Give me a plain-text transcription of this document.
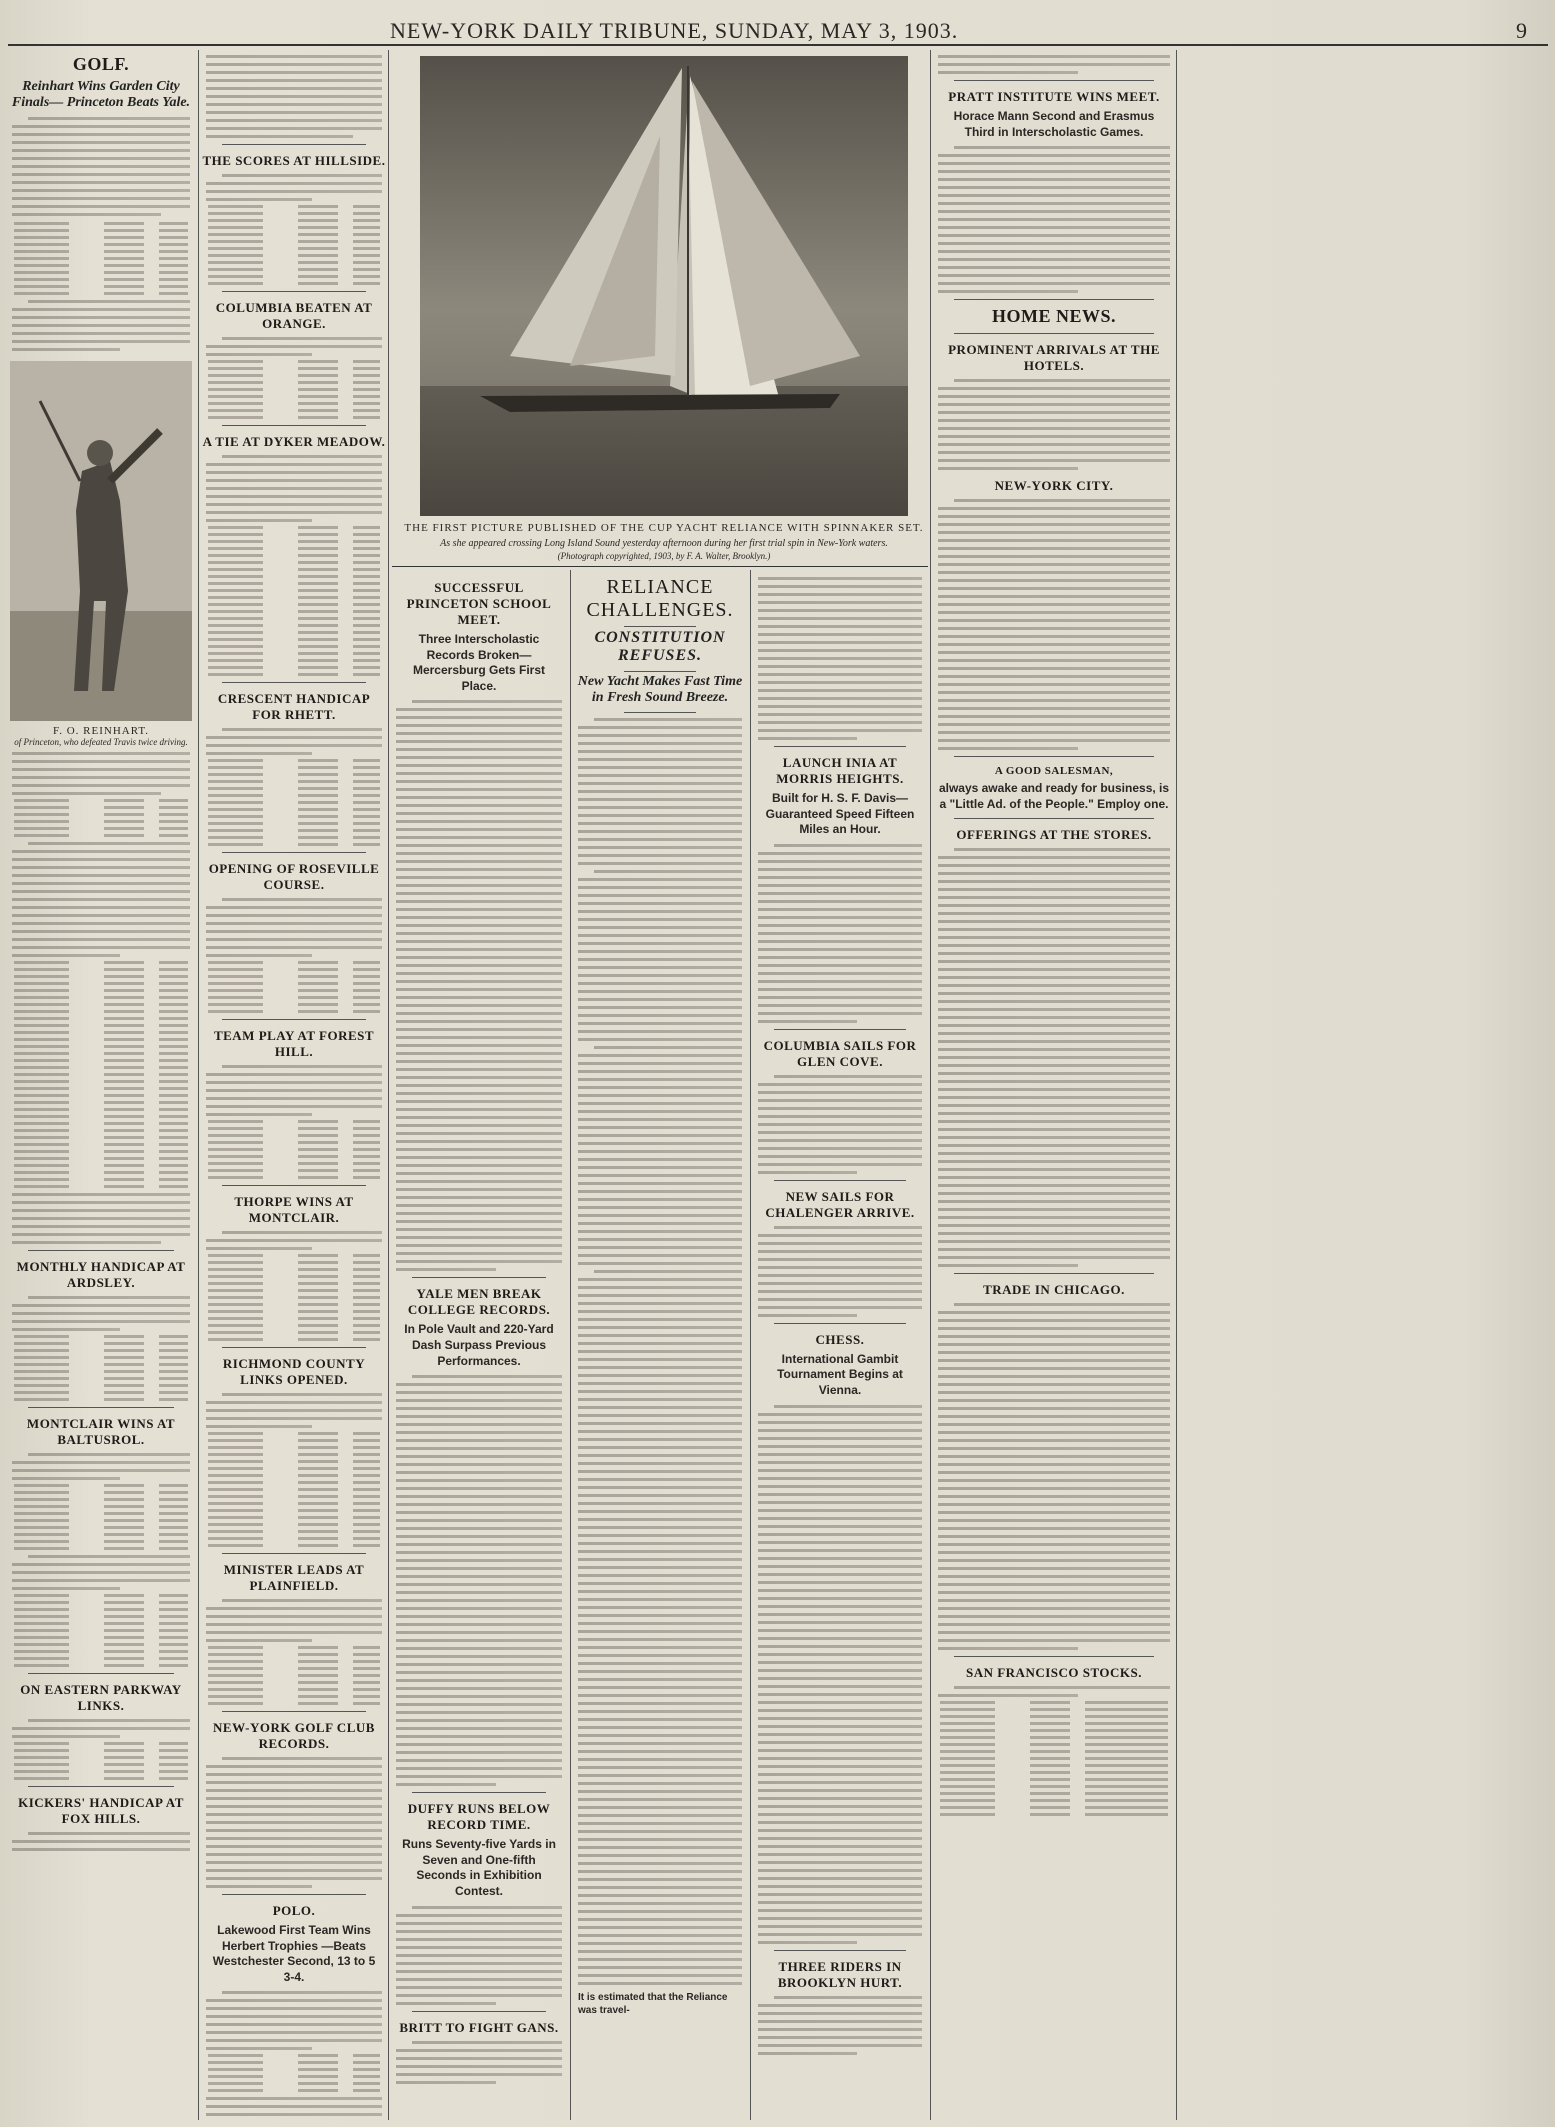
NEW-YORK DAILY TRIBUNE, SUNDAY, MAY 3, 1903.	9
GOLF.
Reinhart Wins Garden City Finals— Princeton Beats Yale.
F. O. REINHART.
of Princeton, who defeated Travis twice driving.
MONTHLY HANDICAP AT ARDSLEY.
MONTCLAIR WINS AT BALTUSROL.
ON EASTERN PARKWAY LINKS.
KICKERS' HANDICAP AT FOX HILLS.
THE SCORES AT HILLSIDE.
COLUMBIA BEATEN AT ORANGE.
A TIE AT DYKER MEADOW.
CRESCENT HANDICAP FOR RHETT.
OPENING OF ROSEVILLE COURSE.
TEAM PLAY AT FOREST HILL.
THORPE WINS AT MONTCLAIR.
RICHMOND COUNTY LINKS OPENED.
MINISTER LEADS AT PLAINFIELD.
NEW-YORK GOLF CLUB RECORDS.
POLO.
Lakewood First Team Wins Herbert Trophies —Beats Westchester Second, 13 to 5 3-4.
THE FIRST PICTURE PUBLISHED OF THE CUP YACHT RELIANCE WITH SPINNAKER SET.
As she appeared crossing Long Island Sound yesterday afternoon during her first trial spin in New-York waters.
(Photograph copyrighted, 1903, by F. A. Walter, Brooklyn.)
SUCCESSFUL PRINCETON SCHOOL MEET.
Three Interscholastic Records Broken—Mercersburg Gets First Place.
YALE MEN BREAK COLLEGE RECORDS.
In Pole Vault and 220-Yard Dash Surpass Previous Performances.
DUFFY RUNS BELOW RECORD TIME.
Runs Seventy-five Yards in Seven and One-fifth Seconds in Exhibition Contest.
BRITT TO FIGHT GANS.
RELIANCE CHALLENGES.
CONSTITUTION REFUSES.
New Yacht Makes Fast Time in Fresh Sound Breeze.
It is estimated that the Reliance was travel-
LAUNCH INIA AT MORRIS HEIGHTS.
Built for H. S. F. Davis—Guaranteed Speed Fifteen Miles an Hour.
COLUMBIA SAILS FOR GLEN COVE.
NEW SAILS FOR CHALENGER ARRIVE.
CHESS.
International Gambit Tournament Begins at Vienna.
THREE RIDERS IN BROOKLYN HURT.
PRATT INSTITUTE WINS MEET.
Horace Mann Second and Erasmus Third in Interscholastic Games.
HOME NEWS.
PROMINENT ARRIVALS AT THE HOTELS.
NEW-YORK CITY.
A GOOD SALESMAN,
always awake and ready for business, is a "Little Ad. of the People." Employ one.
OFFERINGS AT THE STORES.
TRADE IN CHICAGO.
SAN FRANCISCO STOCKS.
